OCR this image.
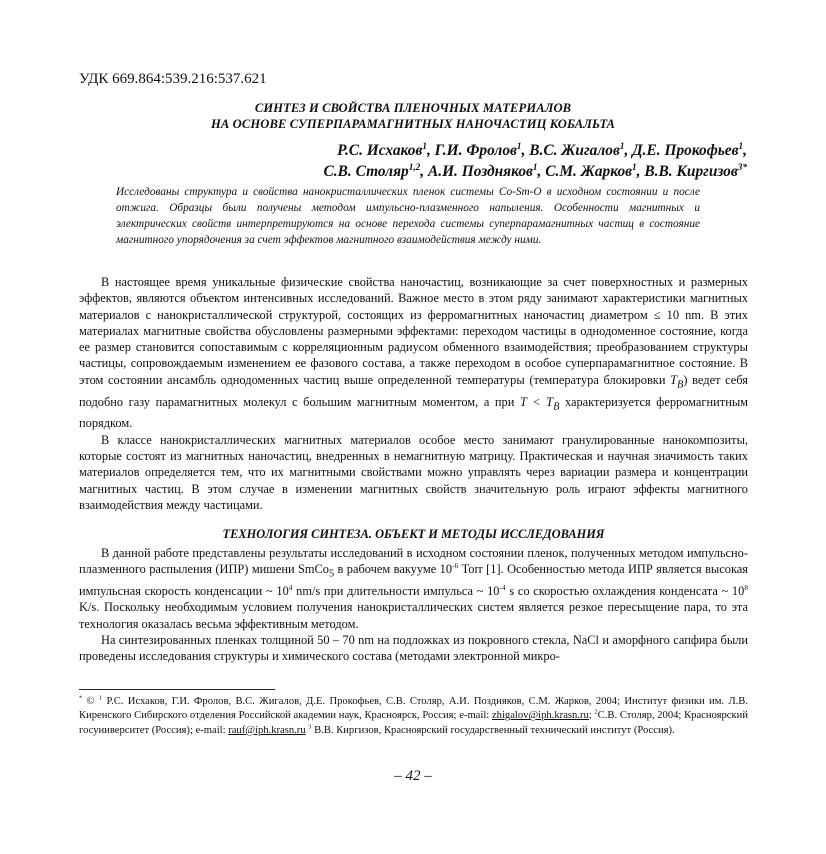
УДК 669.864:539.216:537.621
СИНТЕЗ И СВОЙСТВА ПЛЕНОЧНЫХ МАТЕРИАЛОВ
НА ОСНОВЕ СУПЕРПАРАМАГНИТНЫХ НАНОЧАСТИЦ КОБАЛЬТА
Р.С. Исхаков$^1$, Г.И. Фролов$^1$, В.С. Жигалов$^1$, Д.Е. Прокофьев$^1$,
С.В. Столяр$^{1,2}$, А.И. Поздняков$^1$, С.М. Жарков$^1$, В.В. Киргизов$^{3*}$
Исследованы структура и свойства нанокристаллических пленок системы Co-Sm-O в исходном состоянии и после отжига. Образцы были получены методом импульсно-плазменного напыления. Особенности магнитных и электрических свойств интерпретируются на основе перехода системы суперпарамагнитных частиц в состояние магнитного упорядочения за счет эффектов магнитного взаимодействия между ними.

В настоящее время уникальные физические свойства наночастиц, возникающие за счет поверхностных и размерных эффектов, являются объектом интенсивных исследований. Важное место в этом ряду занимают характеристики магнитных материалов с нанокристаллической структурой, состоящих из ферромагнитных наночастиц диаметром ≤ 10 nm. В этих материалах магнитные свойства обусловлены размерными эффектами: переходом частицы в однодоменное состояние, когда ее размер становится сопоставимым с корреляционным радиусом обменного взаимодействия; преобразованием структуры частицы, сопровождаемым изменением ее фазового состава, а также переходом в особое суперпарамагнитное состояние. В этом состоянии ансамбль однодоменных частиц выше определенной температуры (температура блокировки $T_B$) ведет себя подобно газу парамагнитных молекул с большим магнитным моментом, а при $T < T_B$ характеризуется ферромагнитным порядком.

В классе нанокристаллических магнитных материалов особое место занимают гранулированные нанокомпозиты, которые состоят из магнитных наночастиц, внедренных в немагнитную матрицу. Практическая и научная значимость таких материалов определяется тем, что их магнитными свойствами можно управлять через вариации размера и концентрации магнитных частиц. В этом случае в изменении магнитных свойств значительную роль играют эффекты магнитного взаимодействия между частицами.

ТЕХНОЛОГИЯ СИНТЕЗА. ОБЪЕКТ И МЕТОДЫ ИССЛЕДОВАНИЯ

В данной работе представлены результаты исследований в исходном состоянии пленок, полученных методом импульсно-плазменного распыления (ИПР) мишени SmCo$_5$ в рабочем вакууме $10^{-6}$ Torr [1]. Особенностью метода ИПР является высокая импульсная скорость конденсации ~ $10^4$ nm/s при длительности импульса ~ $10^{-4}$ s со скоростью охлаждения конденсата ~ $10^8$ K/s. Поскольку необходимым условием получения нанокристаллических систем является резкое пересыщение пара, то эта технология оказалась весьма эффективным методом.

На синтезированных пленках толщиной 50 – 70 nm на подложках из покровного стекла, NaCl и аморфного сапфира были проведены исследования структуры и химического состава (методами электронной микро-

* © $^1$ Р.С. Исхаков, Г.И. Фролов, В.С. Жигалов, Д.Е. Прокофьев, С.В. Столяр, А.И. Поздняков, С.М. Жарков, 2004; Институт физики им. Л.В. Киренского Сибирского отделения Российской академии наук, Красноярск, Россия; e-mail: zhigalov@iph.krasn.ru; $^2$С.В. Столяр, 2004; Красноярский госуниверситет (Россия); e-mail: rauf@iph.krasn.ru $^3$ В.В. Киргизов, Красноярский государственный технический институт (Россия).

– 42 –
